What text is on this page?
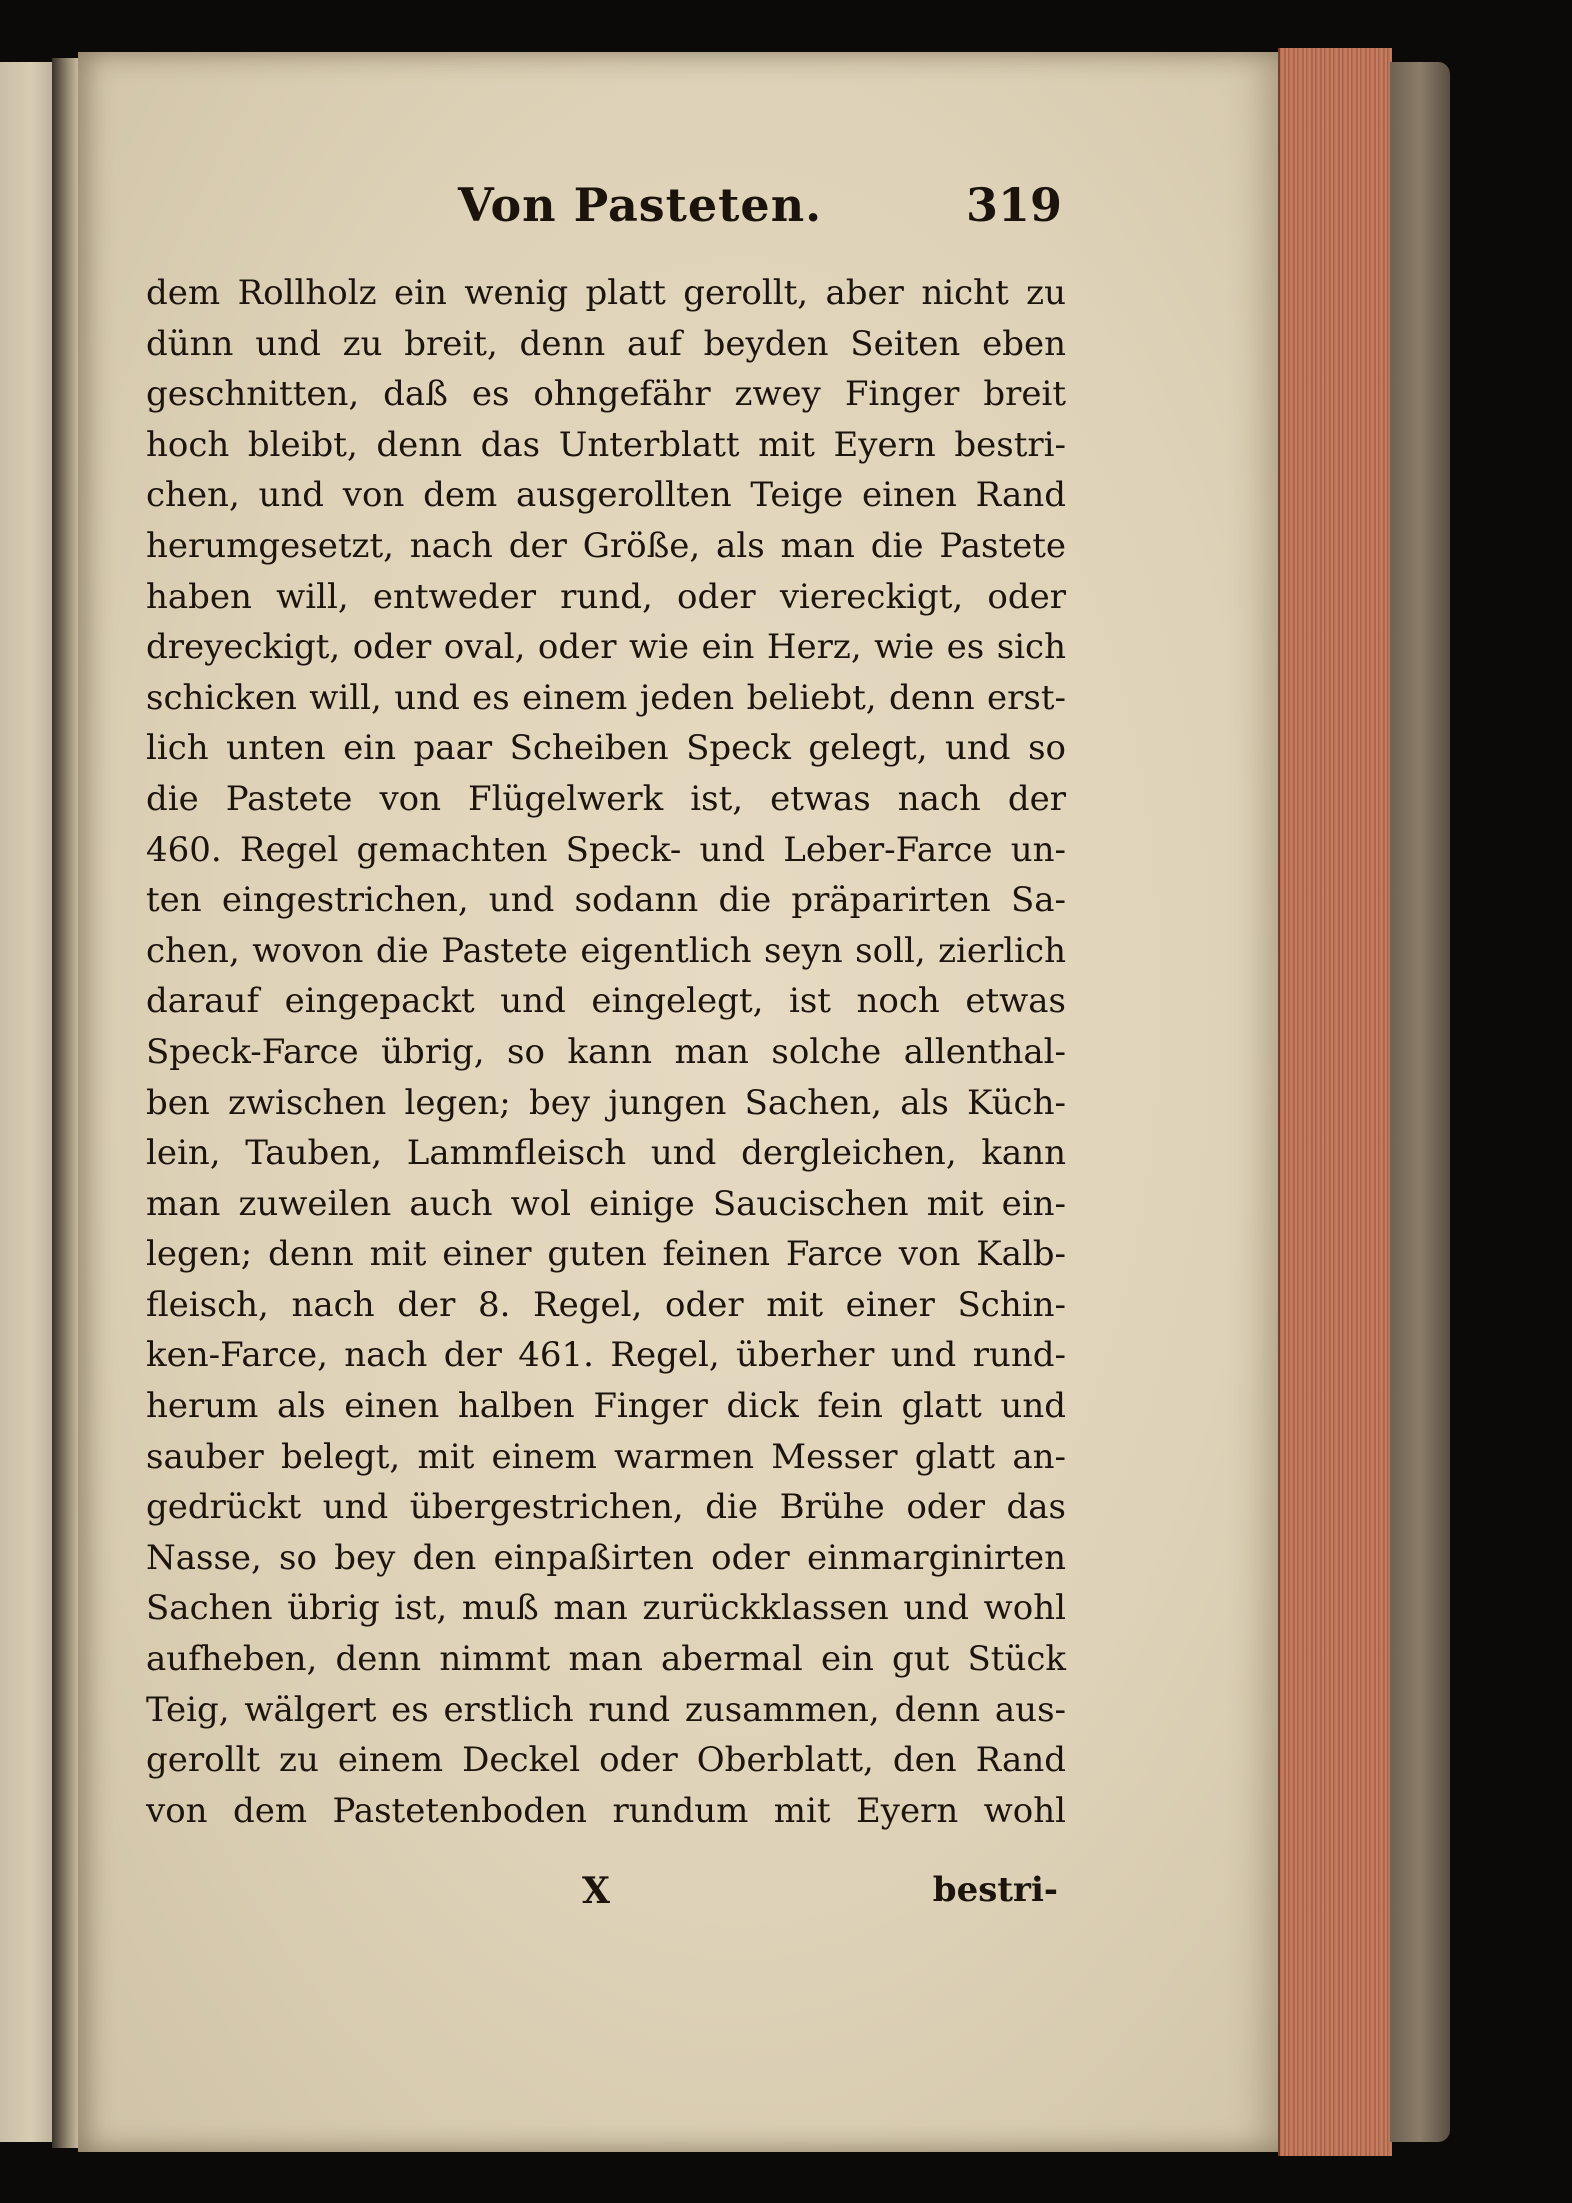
Von Pasteten.	319
dem Rollholz ein wenig platt gerollt, aber nicht zu
dünn und zu breit, denn auf beyden Seiten eben
geschnitten, daß es ohngefähr zwey Finger breit
hoch bleibt, denn das Unterblatt mit Eyern bestri-
chen, und von dem ausgerollten Teige einen Rand
herumgesetzt, nach der Größe, als man die Pastete
haben will, entweder rund, oder viereckigt, oder
dreyeckigt, oder oval, oder wie ein Herz, wie es sich
schicken will, und es einem jeden beliebt, denn erst-
lich unten ein paar Scheiben Speck gelegt, und so
die Pastete von Flügelwerk ist, etwas nach der
460. Regel gemachten Speck- und Leber-Farce un-
ten eingestrichen, und sodann die präparirten Sa-
chen, wovon die Pastete eigentlich seyn soll, zierlich
darauf eingepackt und eingelegt, ist noch etwas
Speck-Farce übrig, so kann man solche allenthal-
ben zwischen legen; bey jungen Sachen, als Küch-
lein, Tauben, Lammfleisch und dergleichen, kann
man zuweilen auch wol einige Saucischen mit ein-
legen; denn mit einer guten feinen Farce von Kalb-
fleisch, nach der 8. Regel, oder mit einer Schin-
ken-Farce, nach der 461. Regel, überher und rund-
herum als einen halben Finger dick fein glatt und
sauber belegt, mit einem warmen Messer glatt an-
gedrückt und übergestrichen, die Brühe oder das
Nasse, so bey den einpaßirten oder einmarginirten
Sachen übrig ist, muß man zurückklassen und wohl
aufheben, denn nimmt man abermal ein gut Stück
Teig, wälgert es erstlich rund zusammen, denn aus-
gerollt zu einem Deckel oder Oberblatt, den Rand
von dem Pastetenboden rundum mit Eyern wohl
X	bestri-
